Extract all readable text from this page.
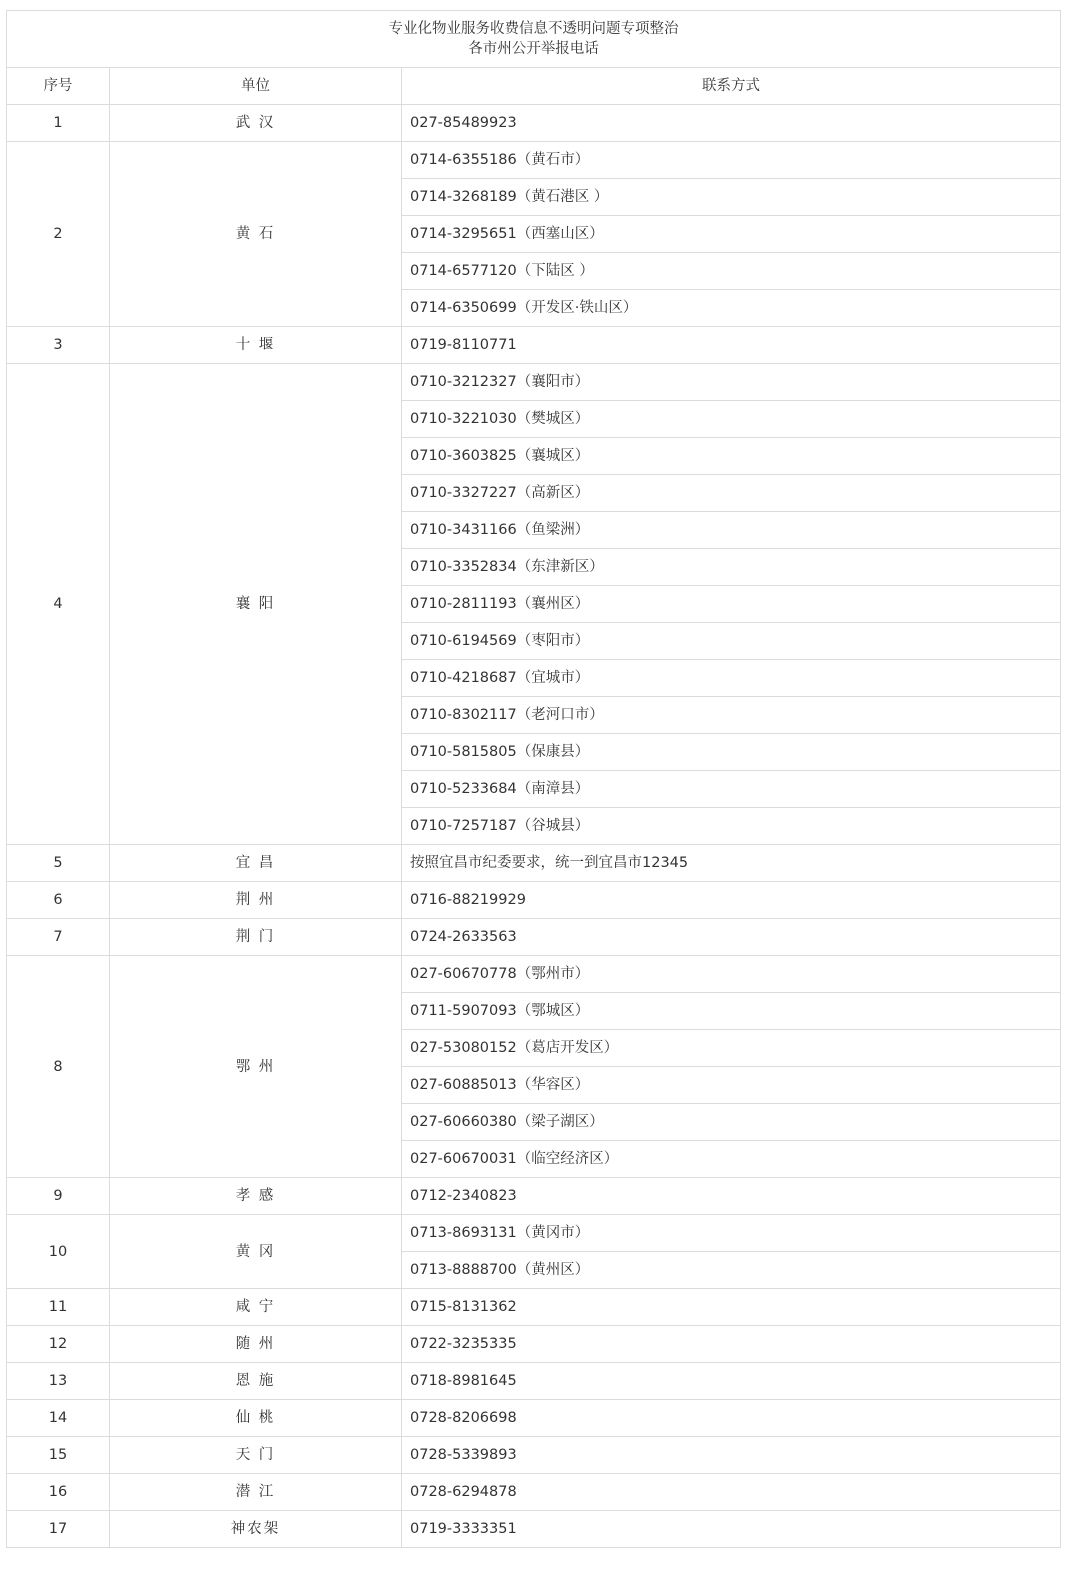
专业化物业服务收费信息不透明问题专项整治
各市州公开举报电话		

序号	单位	联系方式
1	武 汉	027-85489923
2	黄 石	0714-6355186（黄石市）
		0714-3268189（黄石港区 ）
		0714-3295651（西塞山区）
		0714-6577120（下陆区 ）
		0714-6350699（开发区·铁山区）
3	十 堰	0719-8110771
4	襄 阳	0710-3212327（襄阳市）
		0710-3221030（樊城区）
		0710-3603825（襄城区）
		0710-3327227（高新区）
		0710-3431166（鱼梁洲）
		0710-3352834（东津新区）
		0710-2811193（襄州区）
		0710-6194569（枣阳市）
		0710-4218687（宜城市）
		0710-8302117（老河口市）
		0710-5815805（保康县）
		0710-5233684（南漳县）
		0710-7257187（谷城县）
5	宜 昌	按照宜昌市纪委要求，统一到宜昌市12345
6	荆 州	0716-88219929
7	荆 门	0724-2633563
8	鄂 州	027-60670778（鄂州市）
		0711-5907093（鄂城区）
		027-53080152（葛店开发区）
		027-60885013（华容区）
		027-60660380（梁子湖区）
		027-60670031（临空经济区）
9	孝 感	0712-2340823
10	黄 冈	0713-8693131（黄冈市）
		0713-8888700（黄州区）
11	咸 宁	0715-8131362
12	随 州	0722-3235335
13	恩 施	0718-8981645
14	仙 桃	0728-8206698
15	天 门	0728-5339893
16	潜 江	0728-6294878
17	神农架	0719-3333351
